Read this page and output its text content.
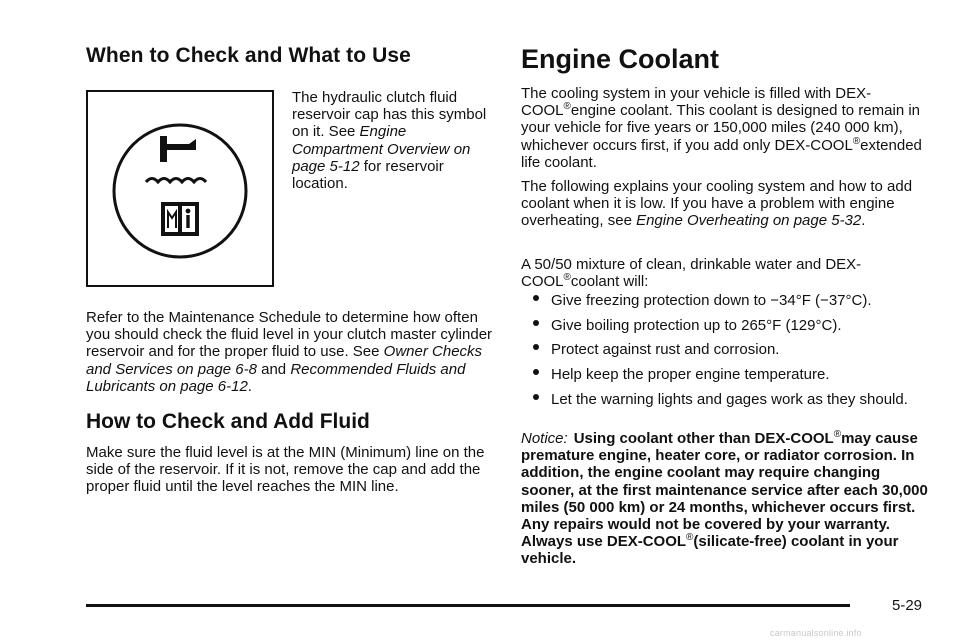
When to Check and What to Use

The hydraulic clutch fluid reservoir cap has this symbol on it. See Engine Compartment Overview on page 5-12 for reservoir location.

Refer to the Maintenance Schedule to determine how often you should check the fluid level in your clutch master cylinder reservoir and for the proper fluid to use. See Owner Checks and Services on page 6-8 and Recommended Fluids and Lubricants on page 6-12.

How to Check and Add Fluid

Make sure the fluid level is at the MIN (Minimum) line on the side of the reservoir. If it is not, remove the cap and add the proper fluid until the level reaches the MIN line.

Engine Coolant

The cooling system in your vehicle is filled with DEX-COOL®engine coolant. This coolant is designed to remain in your vehicle for five years or 150,000 miles (240 000 km), whichever occurs first, if you add only DEX-COOL®extended life coolant.

The following explains your cooling system and how to add coolant when it is low. If you have a problem with engine overheating, see Engine Overheating on page 5-32.

A 50/50 mixture of clean, drinkable water and DEX-COOL®coolant will:

Give freezing protection down to −34°F (−37°C).
Give boiling protection up to 265°F (129°C).
Protect against rust and corrosion.
Help keep the proper engine temperature.
Let the warning lights and gages work as they should.

Notice: Using coolant other than DEX-COOL®may cause premature engine, heater core, or radiator corrosion. In addition, the engine coolant may require changing sooner, at the first maintenance service after each 30,000 miles (50 000 km) or 24 months, whichever occurs first. Any repairs would not be covered by your warranty. Always use DEX-COOL®(silicate-free) coolant in your vehicle.

5-29
carmanualsonline.info
